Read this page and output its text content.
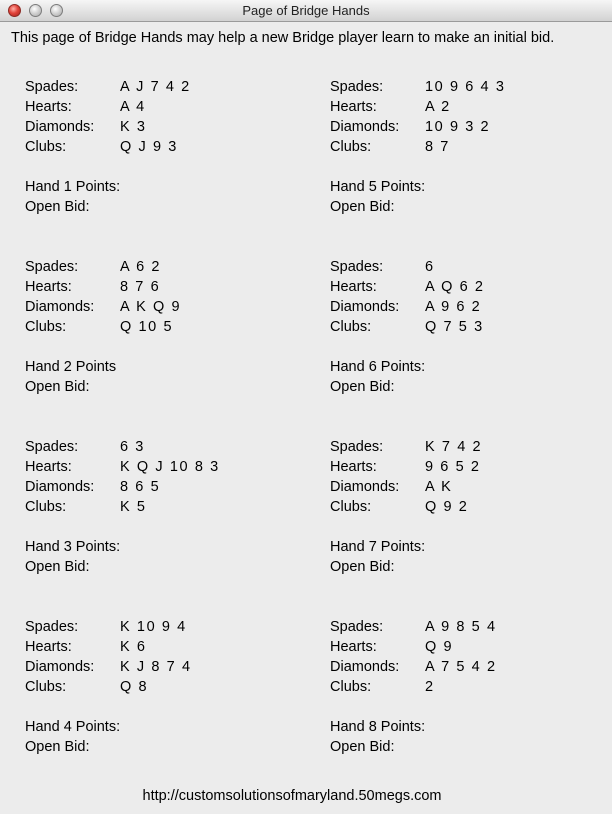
Page of Bridge Hands
This page of Bridge Hands may help a new Bridge player learn to make an initial bid.
Spades:	A J 7 4 2
Hearts:	A 4
Diamonds: K 3
Clubs:	Q J 9 3
Hand 1 Points:
Open Bid:
Spades:	A 6 2
Hearts:	8 7 6
Diamonds: A K Q 9
Clubs:	Q 10 5
Hand 2 Points
Open Bid:
Spades:	6 3
Hearts:	K Q J 10 8 3
Diamonds: 8 6 5
Clubs:	K 5
Hand 3 Points:
Open Bid:
Spades:	K 10 9 4
Hearts:	K 6
Diamonds: K J 8 7 4
Clubs:	Q 8
Hand 4 Points:
Open Bid:
Spades:	10 9 6 4 3
Hearts:	A 2
Diamonds: 10 9 3 2
Clubs:	8 7
Hand 5 Points:
Open Bid:
Spades:	6
Hearts:	A Q 6 2
Diamonds: A 9 6 2
Clubs:	Q 7 5 3
Hand 6 Points:
Open Bid:
Spades:	K 7 4 2
Hearts:	9 6 5 2
Diamonds: A K
Clubs:	Q 9 2
Hand 7 Points:
Open Bid:
Spades:	A 9 8 5 4
Hearts:	Q 9
Diamonds: A 7 5 4 2
Clubs:	2
Hand 8 Points:
Open Bid:
http://customsolutionsofmaryland.50megs.com
